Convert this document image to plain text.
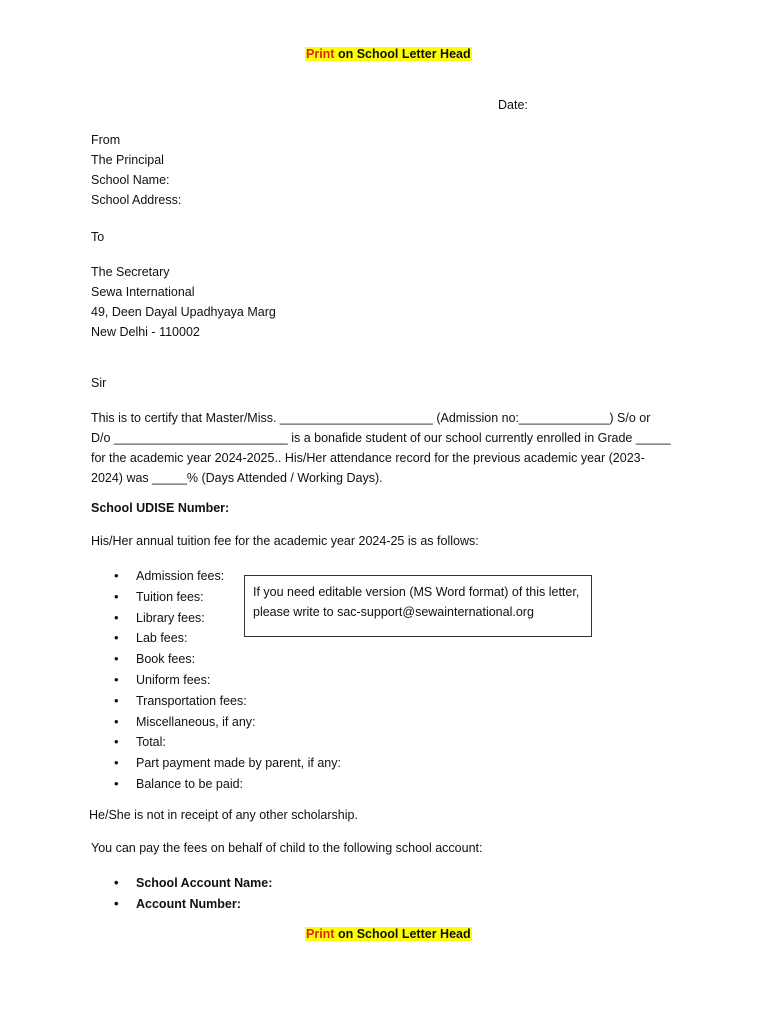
Print on School Letter Head
Date:
From
The Principal
School Name:
School Address:
To
The Secretary
Sewa International
49, Deen Dayal Upadhyaya Marg
New Delhi - 110002
Sir
This is to certify that Master/Miss. ______________________ (Admission no:_____________) S/o or D/o _________________________ is a bonafide student of our school currently enrolled in Grade _____ for the academic year 2024-2025.. His/Her attendance record for the previous academic year (2023-2024) was _____% (Days Attended / Working Days).
School UDISE Number:
His/Her annual tuition fee for the academic year 2024-25 is as follows:
• Admission fees:
• Tuition fees:
• Library fees:
• Lab fees:
• Book fees:
• Uniform fees:
• Transportation fees:
• Miscellaneous, if any:
• Total:
• Part payment made by parent, if any:
• Balance to be paid:
If you need editable version (MS Word format) of this letter, please write to sac-support@sewainternational.org
He/She is not in receipt of any other scholarship.
You can pay the fees on behalf of child to the following school account:
• School Account Name:
• Account Number:
Print on School Letter Head
